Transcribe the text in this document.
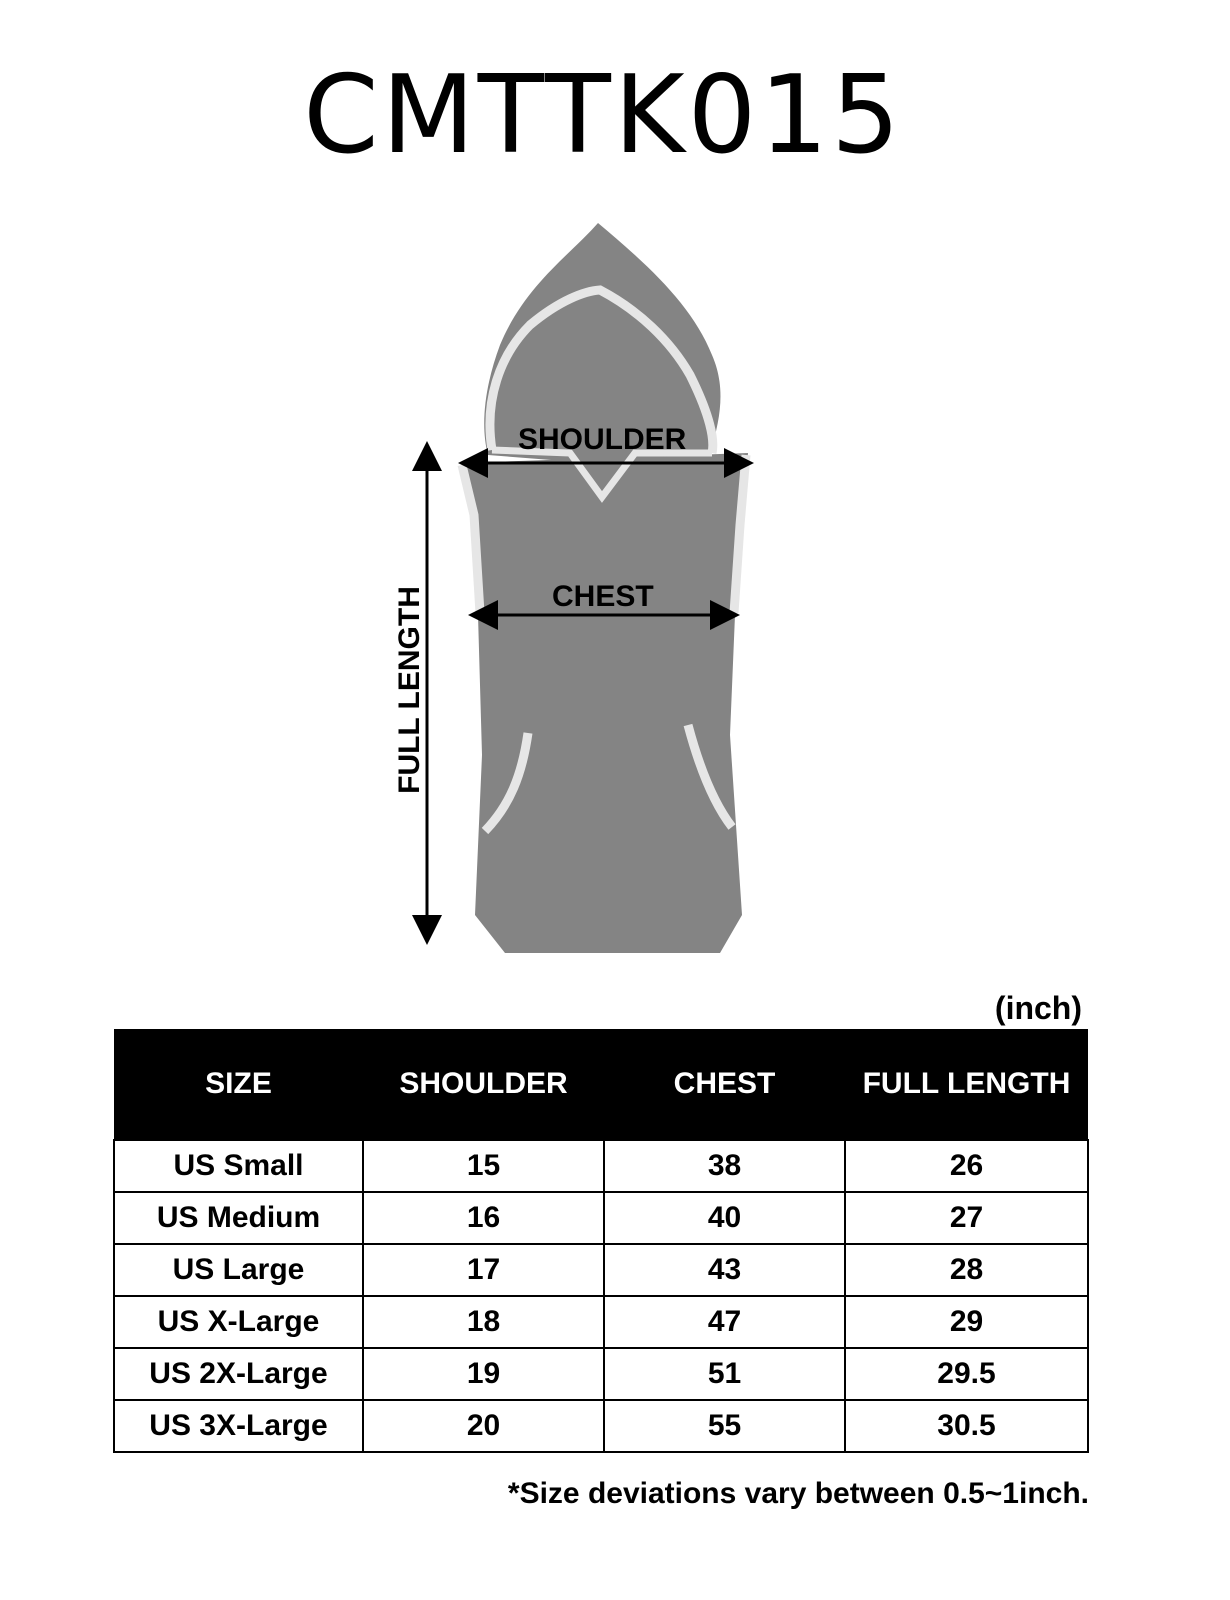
CMTTK015
SHOULDER
CHEST
FULL LENGTH
(inch)
SIZE	SHOULDER	CHEST	FULL LENGTH
US Small	15	38	26
US Medium	16	40	27
US Large	17	43	28
US X-Large	18	47	29
US 2X-Large	19	51	29.5
US 3X-Large	20	55	30.5
*Size deviations vary between 0.5~1inch.
